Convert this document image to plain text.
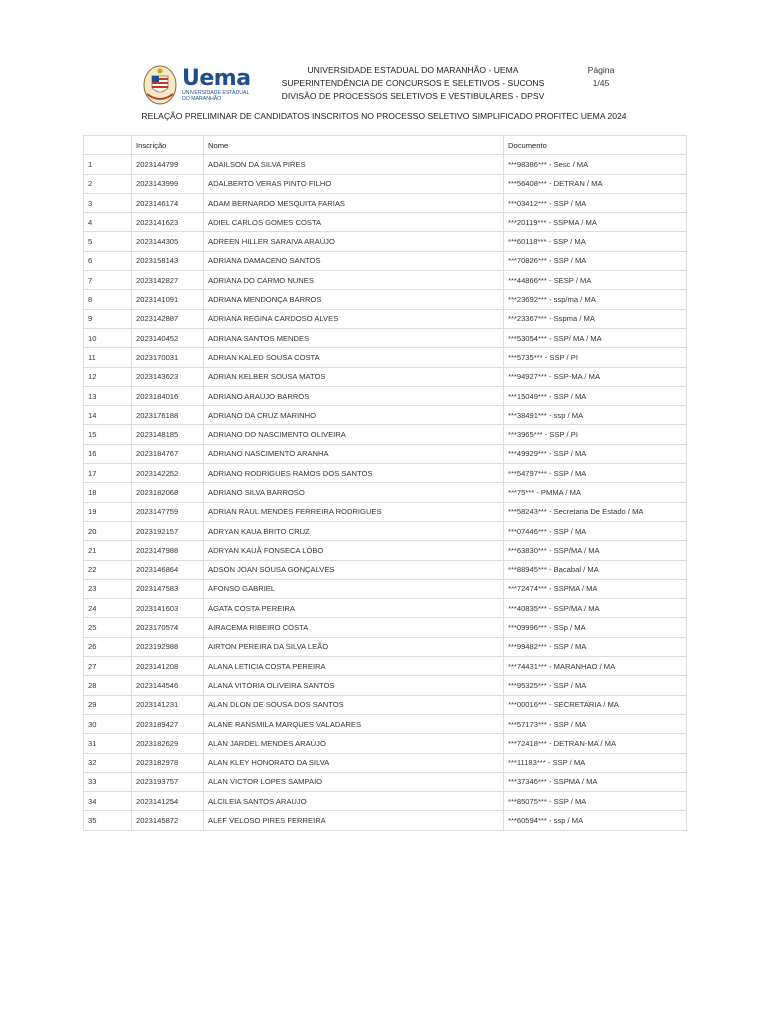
Uema
UNIVERSIDADE ESTADUAL
DO MARANHÃO
UNIVERSIDADE ESTADUAL DO MARANHÃO - UEMA
SUPERINTENDÊNCIA DE CONCURSOS E SELETIVOS - SUCONS
DIVISÃO DE PROCESSOS SELETIVOS E VESTIBULARES - DPSV
Página
1/45
RELAÇÃO PRELIMINAR DE CANDIDATOS INSCRITOS NO PROCESSO SELETIVO SIMPLIFICADO PROFITEC UEMA 2024
	Inscrição	Nome	Documento
1	2023144799	ADAILSON DA SILVA PIRES	***98386*** - Sesc / MA
2	2023143999	ADALBERTO VERAS PINTO FILHO	***56408*** - DETRAN / MA
3	2023146174	ADAM BERNARDO MESQUITA FARIAS	***03412*** - SSP / MA
4	2023141623	ADIEL CARLOS GOMES COSTA	***20119*** - SSPMA / MA
5	2023144305	ADREEN HILLER SARAIVA ARAÚJO	***60118*** - SSP / MA
6	2023158143	ADRIANA DAMACENO SANTOS	***70826*** - SSP / MA
7	2023142827	ADRIANA DO CARMO NUNES	***44866*** - SESP / MA
8	2023141091	ADRIANA MENDONÇA BARROS	***23692*** - ssp/ma / MA
9	2023142887	ADRIANA REGINA CARDOSO ALVES	***23367*** - Sspma / MA
10	2023140452	ADRIANA SANTOS MENDES	***53054*** - SSP/ MA / MA
11	2023170031	ADRIAN KALED SOUSA COSTA	***5735*** - SSP / PI
12	2023143623	ADRIAN KELBER SOUSA MATOS	***94927*** - SSP-MA / MA
13	2023184016	ADRIANO ARAUJO BARROS	***15049*** - SSP / MA
14	2023176188	ADRIANO DA CRUZ MARINHO	***38491*** - ssp / MA
15	2023148185	ADRIANO DO NASCIMENTO OLIVEIRA	***3965*** - SSP / PI
16	2023184767	ADRIANO NASCIMENTO ARANHA	***49929*** - SSP / MA
17	2023142252	ADRIANO RODRIGUES RAMOS DOS SANTOS	***54797*** - SSP / MA
18	2023182068	ADRIANO SILVA BARROSO	***75*** - PMMA / MA
19	2023147759	ADRIAN RAUL MENDES FERREIRA RODRIGUES	***58243*** - Secretaria De Estado / MA
20	2023192157	ADRYAN KAUA BRITO CRUZ	***07446*** - SSP / MA
21	2023147988	ADRYAN KAUÃ FONSECA LÔBO	***63830*** - SSP/MA / MA
22	2023146864	ADSON JOAN SOUSA GONÇALVES	***88945*** - Bacabal / MA
23	2023147583	AFONSO GABRIEL	***72474*** - SSPMA / MA
24	2023141603	ÁGATA COSTA PEREIRA	***40835*** - SSP/MA / MA
25	2023170574	AIRACEMA RIBEIRO COSTA	***09996*** - SSp / MA
26	2023192988	AIRTON PEREIRA DA SILVA LEÃO	***99482*** - SSP / MA
27	2023141208	ALANA LETICIA COSTA PEREIRA	***74431*** - MARANHAO / MA
28	2023144546	ALANA VITÓRIA OLIVEIRA SANTOS	***95325*** - SSP / MA
29	2023141231	ALAN DLON DE SOUSA DOS SANTOS	***00016*** - SECRETARIA / MA
30	2023189427	ALANE RANSMILA MARQUES VALADARES	***57173*** - SSP / MA
31	2023182629	ALAN JARDEL MENDES ARAÚJO	***72418*** - DETRAN-MA / MA
32	2023182978	ALAN KLEY HONORATO DA SILVA	***11183*** - SSP / MA
33	2023193757	ALAN VICTOR LOPES SAMPAIO	***37346*** - SSPMA / MA
34	2023141254	ALCILEIA SANTOS ARAUJO	***85075*** - SSP / MA
35	2023145872	ALEF VELOSO PIRES FERREIRA	***60594*** - ssp / MA
